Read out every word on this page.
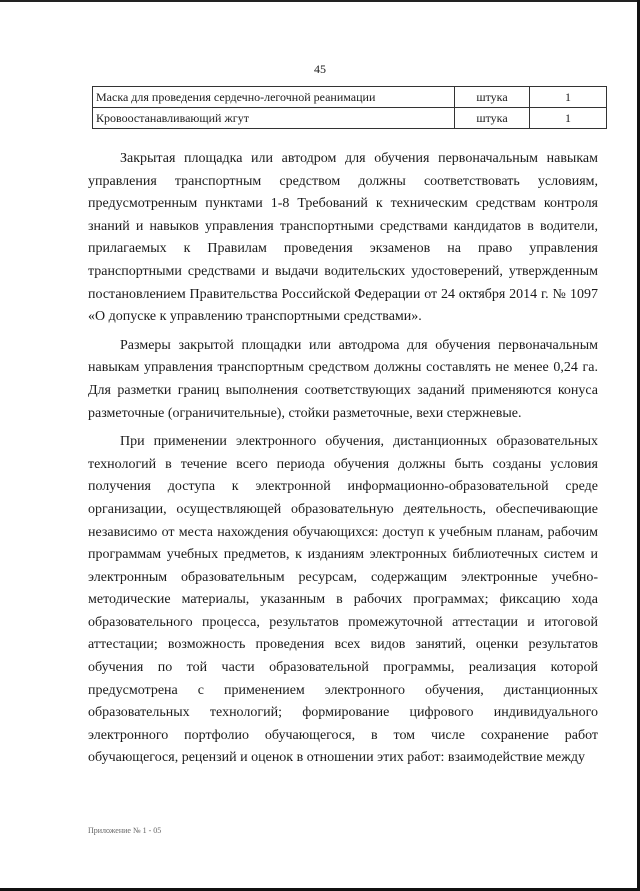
45
Маска для проведения сердечно-легочной реанимации	штука	1
Кровоостанавливающий жгут	штука	1

Закрытая площадка или автодром для обучения первоначальным навыкам управления транспортным средством должны соответствовать условиям, предусмотренным пунктами 1-8 Требований к техническим средствам контроля знаний и навыков управления транспортными средствами кандидатов в водители, прилагаемых к Правилам проведения экзаменов на право управления транспортными средствами и выдачи водительских удостоверений, утвержденным постановлением Правительства Российской Федерации от 24 октября 2014 г. № 1097 «О допуске к управлению транспортными средствами».

Размеры закрытой площадки или автодрома для обучения первоначальным навыкам управления транспортным средством должны составлять не менее 0,24 га. Для разметки границ выполнения соответствующих заданий применяются конуса разметочные (ограничительные), стойки разметочные, вехи стержневые.

При применении электронного обучения, дистанционных образовательных технологий в течение всего периода обучения должны быть созданы условия получения доступа к электронной информационно-образовательной среде организации, осуществляющей образовательную деятельность, обеспечивающие независимо от места нахождения обучающихся: доступ к учебным планам, рабочим программам учебных предметов, к изданиям электронных библиотечных систем и электронным образовательным ресурсам, содержащим электронные учебно-методические материалы, указанным в рабочих программах; фиксацию хода образовательного процесса, результатов промежуточной аттестации и итоговой аттестации; возможность проведения всех видов занятий, оценки результатов обучения по той части образовательной программы, реализация которой предусмотрена с применением электронного обучения, дистанционных образовательных технологий; формирование цифрового индивидуального электронного портфолио обучающегося, в том числе сохранение работ обучающегося, рецензий и оценок в отношении этих работ: взаимодействие между

Приложение № 1 - 05
